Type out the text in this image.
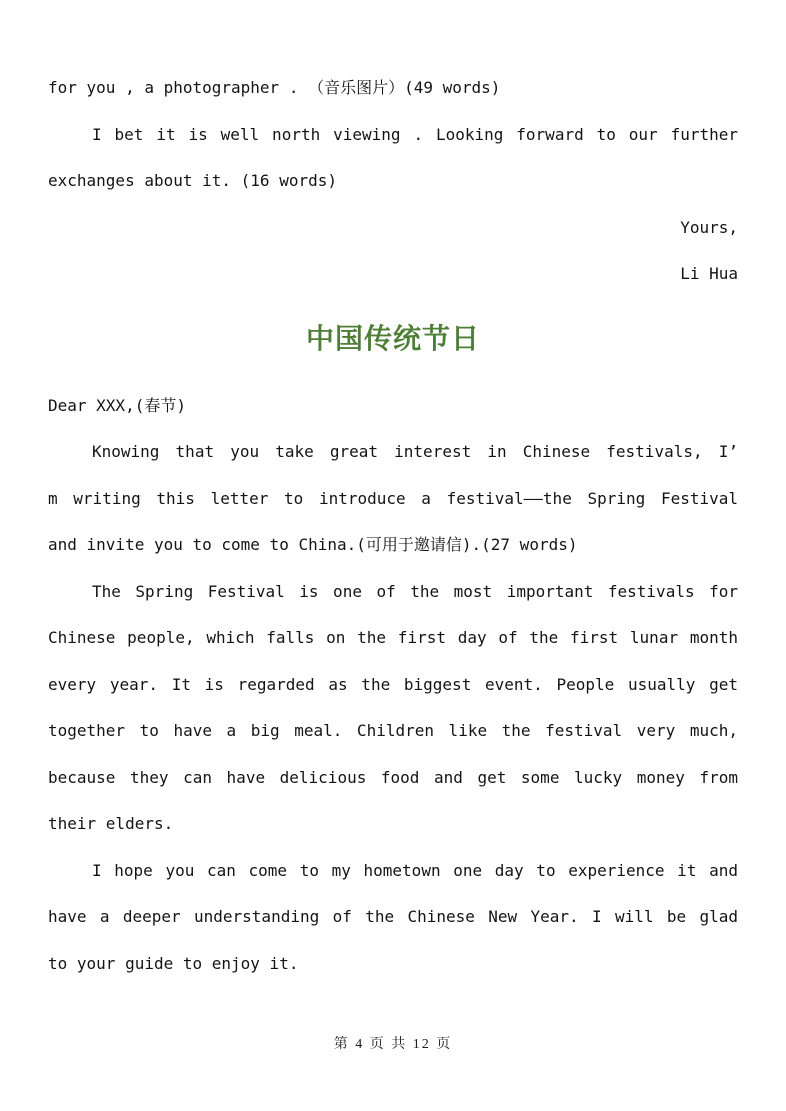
for you , a photographer . （音乐图片）(49 words)
I bet it is well north viewing . Looking forward to our further
exchanges about it. (16 words)
Yours,
Li Hua
中国传统节日
Dear XXX,(春节)
Knowing that you take great interest in Chinese festivals, I’
m writing this letter to introduce a festival——the Spring Festival
and invite you to come to China.(可用于邀请信).(27 words)
The Spring Festival is one of the most important festivals for
Chinese people, which falls on the first day of the first lunar month
every year. It is regarded as the biggest event. People usually get
together to have a big meal. Children like the festival very much,
because they can have delicious food and get some lucky money from
their elders.
I hope you can come to my hometown one day to experience it and
have a deeper understanding of the Chinese New Year. I will be glad
to your guide to enjoy it.
第 4 页 共 12 页
